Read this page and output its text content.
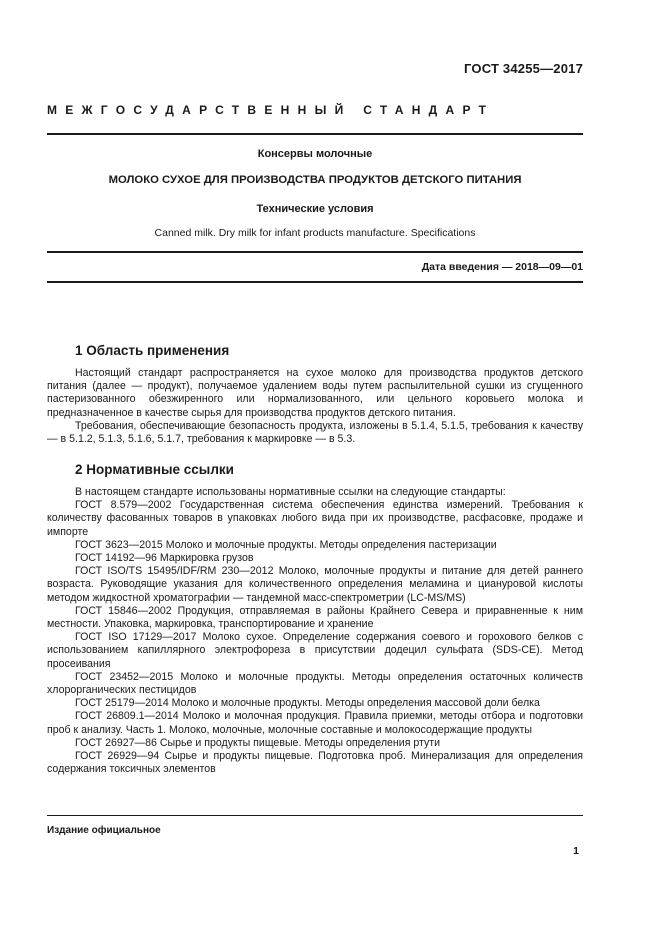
ГОСТ 34255—2017
МЕЖГОСУДАРСТВЕННЫЙ СТАНДАРТ
Консервы молочные
МОЛОКО СУХОЕ ДЛЯ ПРОИЗВОДСТВА ПРОДУКТОВ ДЕТСКОГО ПИТАНИЯ
Технические условия
Canned milk. Dry milk for infant products manufacture. Specifications
Дата введения — 2018—09—01
1 Область применения

Настоящий стандарт распространяется на сухое молоко для производства продуктов детского питания (далее — продукт), получаемое удалением воды путем распылительной сушки из сгущенного пастеризованного обезжиренного или нормализованного, или цельного коровьего молока и предназначенное в качестве сырья для производства продуктов детского питания.

Требования, обеспечивающие безопасность продукта, изложены в 5.1.4, 5.1.5, требования к качеству — в 5.1.2, 5.1.3, 5.1.6, 5.1.7, требования к маркировке — в 5.3.

2 Нормативные ссылки

В настоящем стандарте использованы нормативные ссылки на следующие стандарты:

ГОСТ 8.579—2002 Государственная система обеспечения единства измерений. Требования к количеству фасованных товаров в упаковках любого вида при их производстве, расфасовке, продаже и импорте

ГОСТ 3623—2015 Молоко и молочные продукты. Методы определения пастеризации

ГОСТ 14192—96 Маркировка грузов

ГОСТ ISO/TS 15495/IDF/RM 230—2012 Молоко, молочные продукты и питание для детей раннего возраста. Руководящие указания для количественного определения меламина и циануровой кислоты методом жидкостной хроматографии — тандемной масс-спектрометрии (LC-MS/MS)

ГОСТ 15846—2002 Продукция, отправляемая в районы Крайнего Севера и приравненные к ним местности. Упаковка, маркировка, транспортирование и хранение

ГОСТ ISO 17129—2017 Молоко сухое. Определение содержания соевого и горохового белков с использованием капиллярного электрофореза в присутствии додецил сульфата (SDS-CE). Метод просеивания

ГОСТ 23452—2015 Молоко и молочные продукты. Методы определения остаточных количеств хлорорганических пестицидов

ГОСТ 25179—2014 Молоко и молочные продукты. Методы определения массовой доли белка

ГОСТ 26809.1—2014 Молоко и молочная продукция. Правила приемки, методы отбора и подготовки проб к анализу. Часть 1. Молоко, молочные, молочные составные и молокосодержащие продукты

ГОСТ 26927—86 Сырье и продукты пищевые. Методы определения ртути

ГОСТ 26929—94 Сырье и продукты пищевые. Подготовка проб. Минерализация для определения содержания токсичных элементов

Издание официальное
1
